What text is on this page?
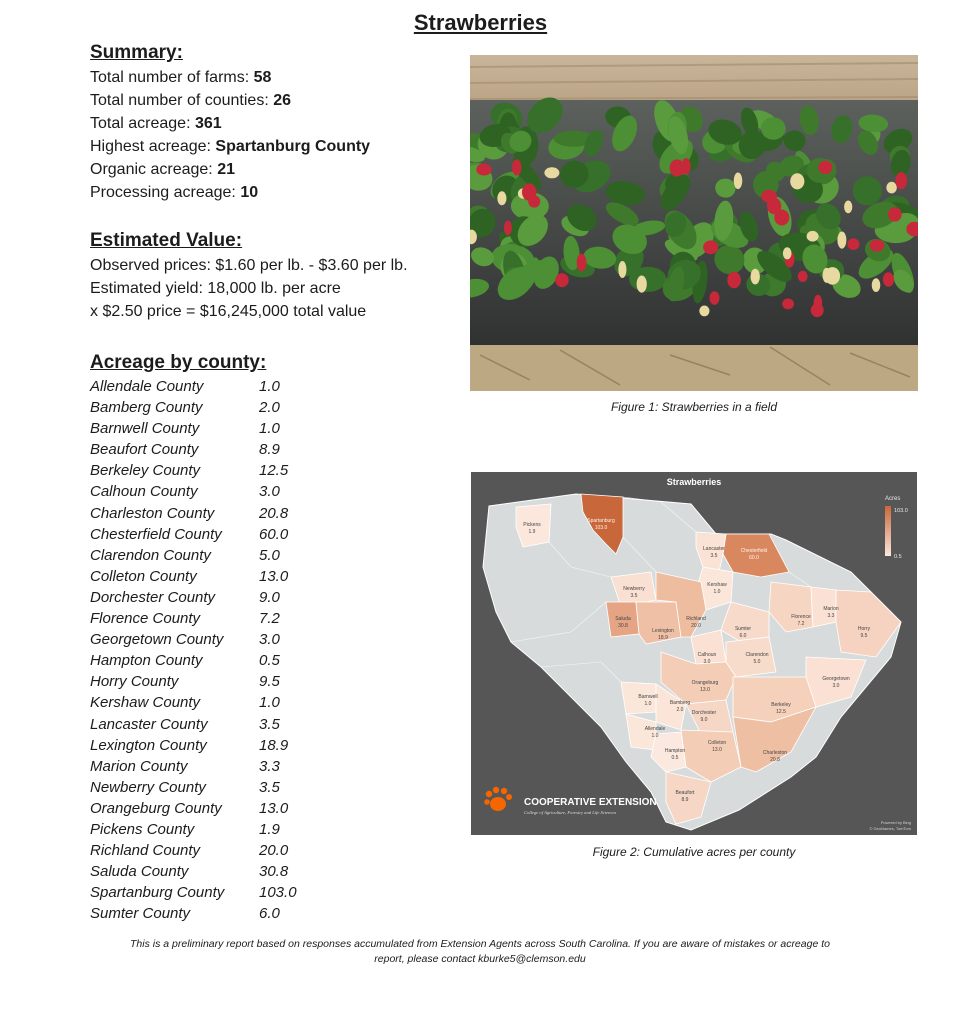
Strawberries
Summary:
Total number of farms: 58
Total number of counties: 26
Total acreage: 361
Highest acreage: Spartanburg County
Organic acreage: 21
Processing acreage: 10
Estimated Value:
Observed prices: $1.60 per lb. - $3.60 per lb.
Estimated yield: 18,000 lb. per acre
x $2.50 price = $16,245,000 total value
Acreage by county:
Allendale County	1.0
Bamberg County	2.0
Barnwell County	1.0
Beaufort County	8.9
Berkeley County	12.5
Calhoun County	3.0
Charleston County	20.8
Chesterfield County	60.0
Clarendon County	5.0
Colleton County	13.0
Dorchester County	9.0
Florence County	7.2
Georgetown County	3.0
Hampton County	0.5
Horry County	9.5
Kershaw County	1.0
Lancaster County	3.5
Lexington County	18.9
Marion County	3.3
Newberry County	3.5
Orangeburg County	13.0
Pickens County	1.9
Richland County	20.0
Saluda County	30.8
Spartanburg County	103.0
Sumter County	6.0
Figure 1: Strawberries in a field
Strawberries
Pickens
1.9
Spartanburg
103.0
Lancaster
3.5
Chesterfield
60.0
Kershaw
1.0
Newberry
3.5
Saluda
30.8
Lexington
18.9
Richland
20.0
Florence
7.2
Marion
3.3
Horry
9.5
Sumter
6.0
Calhoun
3.0
Clarendon
5.0
Orangeburg
13.0
Georgetown
3.0
Barnwell
1.0	Bamberg
2.0 Dorchester
9.0
Berkeley
12.5
Allendale
1.0
Colleton
13.0
Hampton
0.5
Charleston
20.8
Beaufort
8.9
Acres
103.0
0.5
COOPERATIVE EXTENSION
College of Agriculture, Forestry and Life Sciences
Powered by Bing
© GeoNames, TomTom
Figure 2: Cumulative acres per county
This is a preliminary report based on responses accumulated from Extension Agents across South Carolina. If you are aware of mistakes or acreage to
report, please contact kburke5@clemson.edu
